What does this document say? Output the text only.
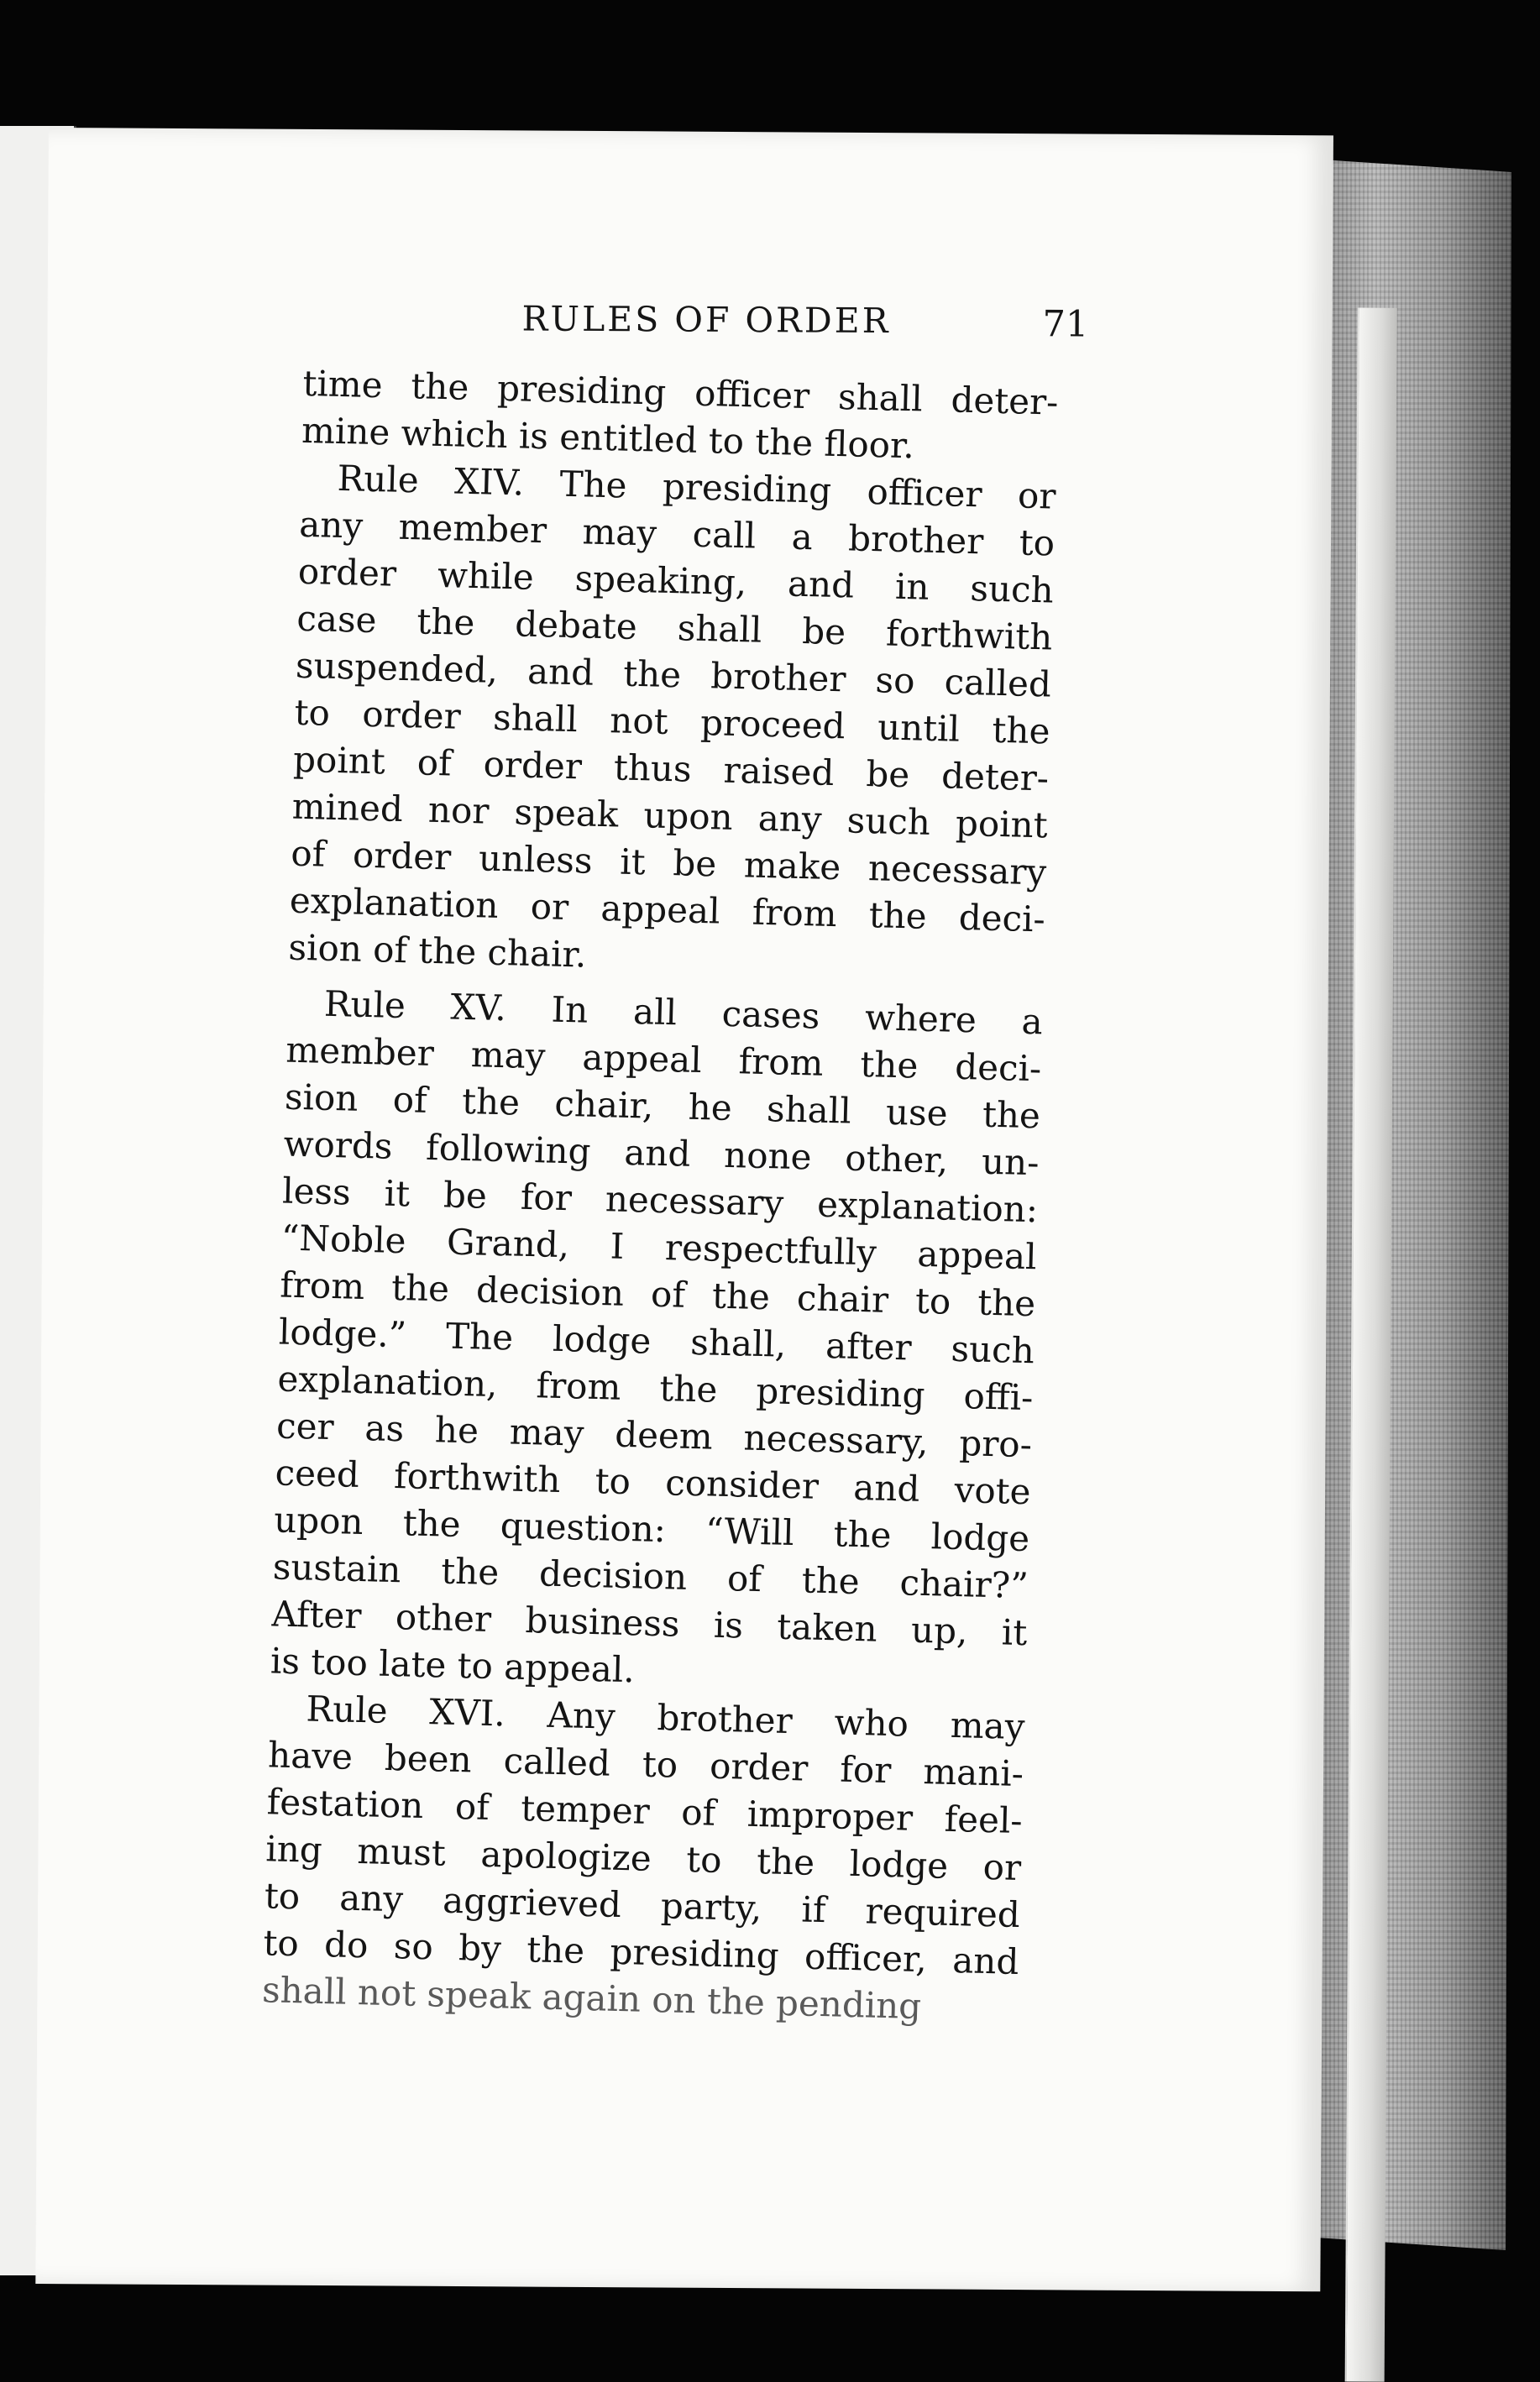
RULES OF ORDER	71
time the presiding officer shall deter-
mine which is entitled to the floor.
Rule XIV. The presiding officer or
any member may call a brother to
order while speaking, and in such
case the debate shall be forthwith
suspended, and the brother so called
to order shall not proceed until the
point of order thus raised be deter-
mined nor speak upon any such point
of order unless it be make necessary
explanation or appeal from the deci-
sion of the chair.
Rule XV. In all cases where a
member may appeal from the deci-
sion of the chair, he shall use the
words following and none other, un-
less it be for necessary explanation:
“Noble Grand, I respectfully appeal
from the decision of the chair to the
lodge.” The lodge shall, after such
explanation, from the presiding offi-
cer as he may deem necessary, pro-
ceed forthwith to consider and vote
upon the question: “Will the lodge
sustain the decision of the chair?”
After other business is taken up, it
is too late to appeal.
Rule XVI. Any brother who may
have been called to order for mani-
festation of temper of improper feel-
ing must apologize to the lodge or
to any aggrieved party, if required
to do so by the presiding officer, and
shall not speak again on the pending
